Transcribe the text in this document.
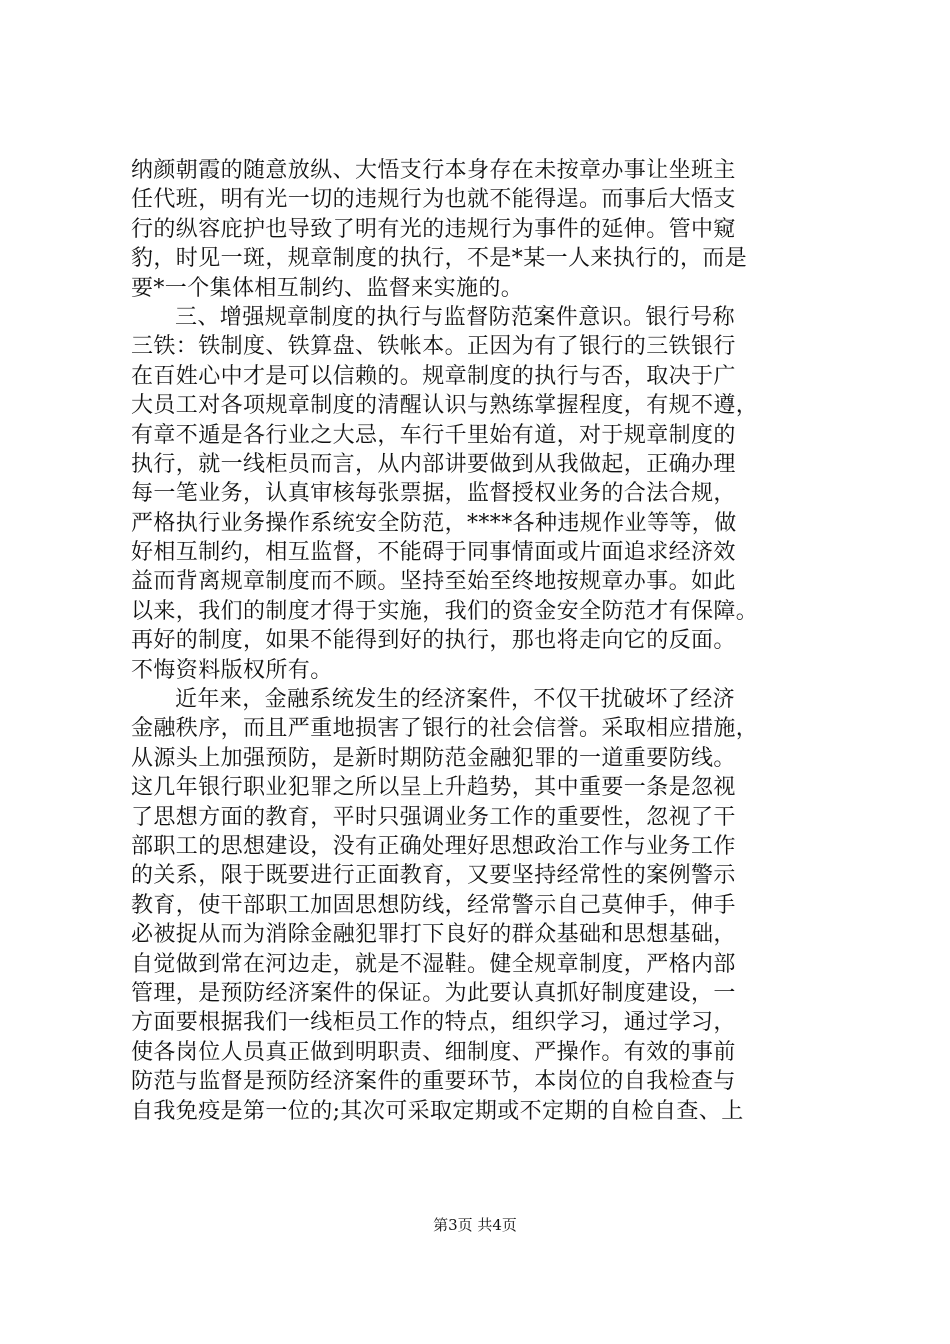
纳颜朝霞的随意放纵、大悟支行本身存在未按章办事让坐班主
任代班，明有光一切的违规行为也就不能得逞。而事后大悟支
行的纵容庇护也导致了明有光的违规行为事件的延伸。管中窥
豹，时见一斑，规章制度的执行，不是*某一人来执行的，而是
要*一个集体相互制约、监督来实施的。
三、增强规章制度的执行与监督防范案件意识。银行号称
三铁：铁制度、铁算盘、铁帐本。正因为有了银行的三铁银行
在百姓心中才是可以信赖的。规章制度的执行与否，取决于广
大员工对各项规章制度的清醒认识与熟练掌握程度，有规不遵，
有章不遁是各行业之大忌，车行千里始有道，对于规章制度的
执行，就一线柜员而言，从内部讲要做到从我做起，正确办理
每一笔业务，认真审核每张票据，监督授权业务的合法合规，
严格执行业务操作系统安全防范，****各种违规作业等等，做
好相互制约，相互监督，不能碍于同事情面或片面追求经济效
益而背离规章制度而不顾。坚持至始至终地按规章办事。如此
以来，我们的制度才得于实施，我们的资金安全防范才有保障。
再好的制度，如果不能得到好的执行，那也将走向它的反面。
不悔资料版权所有。
近年来，金融系统发生的经济案件，不仅干扰破坏了经济
金融秩序，而且严重地损害了银行的社会信誉。采取相应措施，
从源头上加强预防，是新时期防范金融犯罪的一道重要防线。
这几年银行职业犯罪之所以呈上升趋势，其中重要一条是忽视
了思想方面的教育，平时只强调业务工作的重要性，忽视了干
部职工的思想建设，没有正确处理好思想政治工作与业务工作
的关系，限于既要进行正面教育，又要坚持经常性的案例警示
教育，使干部职工加固思想防线，经常警示自己莫伸手，伸手
必被捉从而为消除金融犯罪打下良好的群众基础和思想基础，
自觉做到常在河边走，就是不湿鞋。健全规章制度，严格内部
管理，是预防经济案件的保证。为此要认真抓好制度建设，一
方面要根据我们一线柜员工作的特点，组织学习，通过学习，
使各岗位人员真正做到明职责、细制度、严操作。有效的事前
防范与监督是预防经济案件的重要环节，本岗位的自我检查与
自我免疫是第一位的;其次可采取定期或不定期的自检自查、上
第3页 共4页
